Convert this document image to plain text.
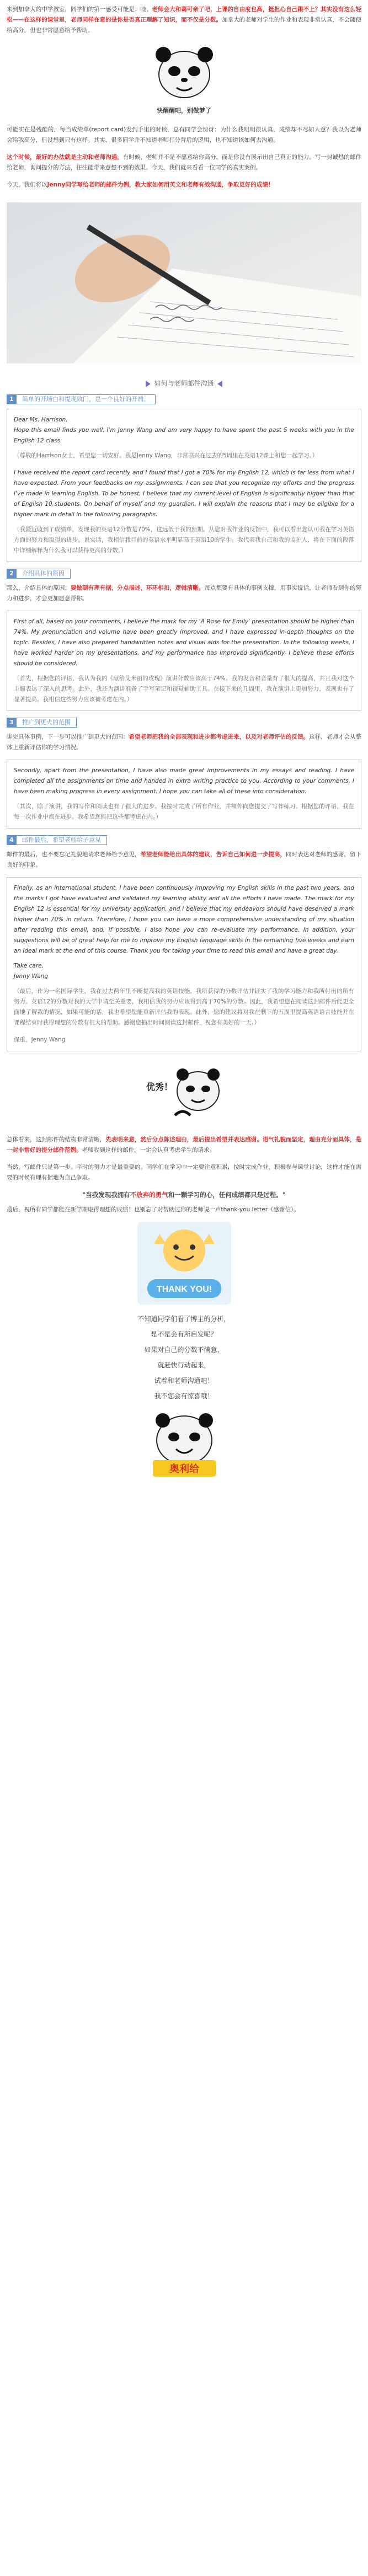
来到加拿大的中学教室，同学们的第一感受可能是：哇，老师会大和蔼可亲了吧，上课的自由度也高，挺担心自己跟不上？其实没有这么轻松——在这样的课堂里，老师同样在意的是你是否真正理解了知识，而不仅是分数。加拿大的老师对学生的作业和表现非常认真，不会随便给高分，但也非常愿意给予帮助。

快醒醒吧，别做梦了

可能实在是残酷的，每当成绩单(report card)发到手里的时候，总有同学会惊讶：为什么我明明很认真，成绩却不尽如人意？我以为老师会给我高分，但没想到只有这样。其实，很多同学并不知道老师打分背后的逻辑，也不知道该如何去沟通。

这个时候，最好的办法就是主动和老师沟通。有时候，老师并不是不愿意给你高分，而是你没有展示出自己真正的能力。写一封诚恳的邮件给老师，询问提分的方法，往往能带来意想不到的效果。今天，我们就来看看一位同学的真实案例。

今天，我们将以Jenny同学写给老师的邮件为例，教大家如何用英文和老师有效沟通，争取更好的成绩！

如何与老师邮件沟通
1	简单的开场白和提现致门，是一个良好的开端。

Dear Ms. Harrison,

Hope this email finds you well. I'm Jenny Wang and am very happy to have spent the past 5 weeks with you in the English 12 class.

（尊敬的Harrison女士，希望您一切安好。我是Jenny Wang，非常高兴在过去的5周里在英语12课上和您一起学习。）

I have received the report card recently and I found that I got a 70% for my English 12, which is far less from what I have expected. From your feedbacks on my assignments, I can see that you recognize my efforts and the progress I've made in learning English. To be honest, I believe that my current level of English is significantly higher than that of English 10 students. On behalf of myself and my guardian, I will explain the reasons that I may be eligible for a higher mark in detail in the following paragraphs.

（我最近收到了成绩单，发现我的英语12分数是70%，这远低于我的预期。从您对我作业的反馈中，我可以看出您认可我在学习英语方面的努力和取得的进步。说实话，我相信我目前的英语水平明显高于英语10的学生。我代表我自己和我的监护人，将在下面的段落中详细解释为什么我可以获得更高的分数。）

2	介绍具体的原因

那么，介绍具体的原因：要做到有理有据，分点描述，环环相扣，逻辑清晰。每点都要有具体的事例支撑，用事实说话，让老师看到你的努力和进步，才会更加愿意帮你。

First of all, based on your comments, I believe the mark for my 'A Rose for Emily' presentation should be higher than 74%. My pronunciation and volume have been greatly improved, and I have expressed in-depth thoughts on the topic. Besides, I have also prepared handwritten notes and visual aids for the presentation. In the following weeks, I have worked harder on my presentations, and my performance has improved significantly. I believe these efforts should be considered.

（首先，根据您的评语，我认为我的《献给艾米丽的玫瑰》演讲分数应该高于74%。我的发音和音量有了很大的提高，并且我对这个主题表达了深入的思考。此外，我还为演讲准备了手写笔记和视觉辅助工具。在接下来的几周里，我在演讲上更加努力，表现也有了显著提高。我相信这些努力应该被考虑在内。）

3	推广到更大的范围

讲完具体事例，下一步可以推广到更大的范围：希望老师把我的全部表现和进步都考虑进来，以及对老师评估的反馈。这样，老师才会从整体上重新评估你的学习情况。

Secondly, apart from the presentation, I have also made great improvements in my essays and reading. I have completed all the assignments on time and handed in extra writing practice to you. According to your comments, I have been making progress in every assignment. I hope you can take all of these into consideration.

（其次，除了演讲，我的写作和阅读也有了很大的进步。我按时完成了所有作业，并额外向您提交了写作练习。根据您的评语，我在每一次作业中都在进步。我希望您能把这些都考虑在内。）

4	邮件最后，希望老师给予意见

邮件的最后，也不要忘记礼貌地请求老师给予意见，希望老师能给出具体的建议，告诉自己如何进一步提高，同时表达对老师的感谢，留下良好的印象。

Finally, as an international student, I have been continuously improving my English skills in the past two years, and the marks I got have evaluated and validated my learning ability and all the efforts I have made. The mark for my English 12 is essential for my university application, and I believe that my endeavors should have deserved a mark higher than 70% in return. Therefore, I hope you can have a more comprehensive understanding of my situation after reading this email, and, if possible, I also hope you can re-evaluate my performance. In addition, your suggestions will be of great help for me to improve my English language skills in the remaining five weeks and earn an ideal mark at the end of this course. Thank you for taking your time to read this email and have a great day.

Take care,

Jenny Wang

（最后，作为一名国际学生，我在过去两年里不断提高我的英语技能，我所获得的分数评估并证实了我的学习能力和我所付出的所有努力。英语12的分数对我的大学申请至关重要，我相信我的努力应该得到高于70%的分数。因此，我希望您在阅读这封邮件后能更全面地了解我的情况，如果可能的话，我也希望您能重新评估我的表现。此外，您的建议将对我在剩下的五周里提高英语语言技能并在课程结束时获得理想的分数有很大的帮助。感谢您抽出时间阅读这封邮件，祝您有美好的一天。）

保重，Jenny Wang

优秀！

总体看来，这封邮件的结构非常清晰，先表明来意，然后分点陈述理由，最后提出希望并表达感谢。语气礼貌而坚定，理由充分而具体，是一封非常好的提分邮件范例。老师收到这样的邮件，一定会认真考虑学生的请求。

当然，写邮件只是第一步。平时的努力才是最重要的。同学们在学习中一定要注意积累，按时完成作业，积极参与课堂讨论，这样才能在需要的时候有理有据地为自己争取。

"当我发现我拥有不放弃的勇气和一颗学习的心，任何成绩都只是过程。"

最后，祝所有同学都能在新学期取得理想的成绩！也别忘了对帮助过你的老师说一声thank-you letter（感谢信）。

THANK YOU!
不知道同学们看了博主的分析，
是不是会有所启发呢？
如果对自己的分数不满意，
就赶快行动起来，
试着和老师沟通吧！
我不您会有惊喜哦！
奥利给
